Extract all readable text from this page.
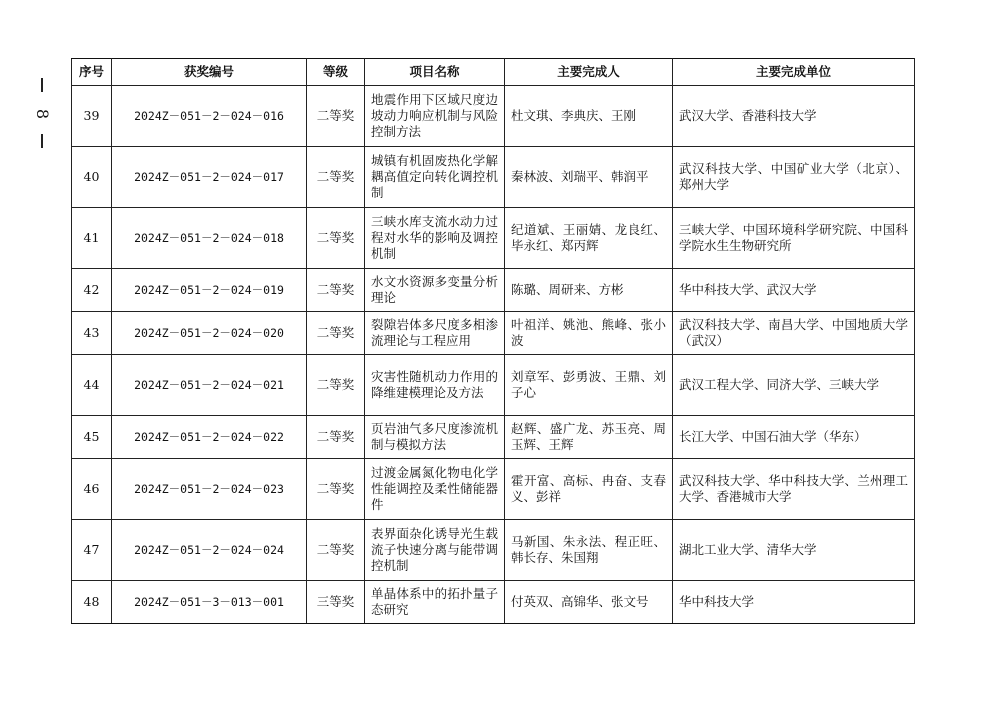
8
序号	获奖编号	等级	项目名称	主要完成人	主要完成单位
39	2024Z－051－2－024－016	二等奖	地震作用下区域尺度边坡动力响应机制与风险控制方法	杜文琪、李典庆、王刚	武汉大学、香港科技大学
40	2024Z－051－2－024－017	二等奖	城镇有机固废热化学解耦高值定向转化调控机制	秦林波、刘瑞平、韩润平	武汉科技大学、中国矿业大学（北京）、郑州大学
41	2024Z－051－2－024－018	二等奖	三峡水库支流水动力过程对水华的影响及调控机制	纪道斌、王丽婧、龙良红、毕永红、郑丙辉	三峡大学、中国环境科学研究院、中国科学院水生生物研究所
42	2024Z－051－2－024－019	二等奖	水文水资源多变量分析理论	陈璐、周研来、方彬	华中科技大学、武汉大学
43	2024Z－051－2－024－020	二等奖	裂隙岩体多尺度多相渗流理论与工程应用	叶祖洋、姚池、熊峰、张小波	武汉科技大学、南昌大学、中国地质大学（武汉）
44	2024Z－051－2－024－021	二等奖	灾害性随机动力作用的降维建模理论及方法	刘章军、彭勇波、王鼎、刘子心	武汉工程大学、同济大学、三峡大学
45	2024Z－051－2－024－022	二等奖	页岩油气多尺度渗流机制与模拟方法	赵辉、盛广龙、苏玉亮、周玉辉、王辉	长江大学、中国石油大学（华东）
46	2024Z－051－2－024－023	二等奖	过渡金属氮化物电化学性能调控及柔性储能器件	霍开富、高标、冉奋、支春义、彭祥	武汉科技大学、华中科技大学、兰州理工大学、香港城市大学
47	2024Z－051－2－024－024	二等奖	表界面杂化诱导光生载流子快速分离与能带调控机制	马新国、朱永法、程正旺、韩长存、朱国翔	湖北工业大学、清华大学
48	2024Z－051－3－013－001	三等奖	单晶体系中的拓扑量子态研究	付英双、高锦华、张文号	华中科技大学
